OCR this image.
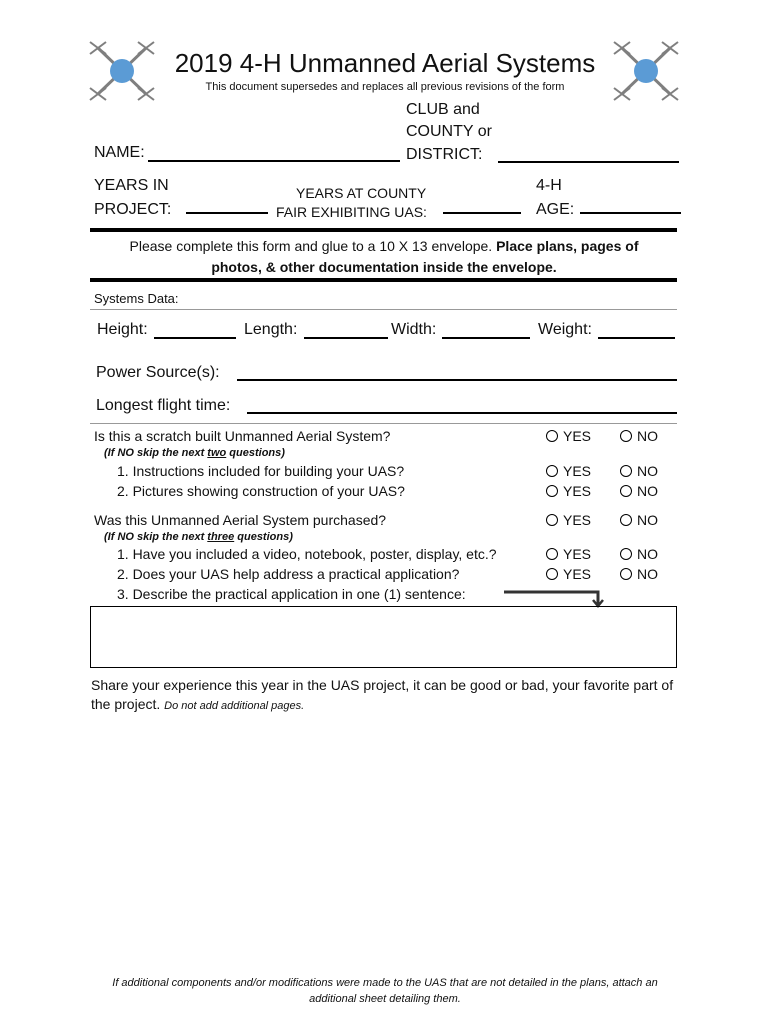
2019 4-H Unmanned Aerial Systems
This document supersedes and replaces all previous revisions of the form
NAME:
CLUB and
COUNTY or
DISTRICT:
YEARS IN
PROJECT:
YEARS AT COUNTY
FAIR EXHIBITING UAS:
4-H
AGE:
Please complete this form and glue to a 10 X 13 envelope. Place plans, pages of
photos, & other documentation inside the envelope.
Systems Data:
Height:	Length:	Width:	Weight:
Power Source(s):
Longest flight time:
Is this a scratch built Unmanned Aerial System?	YES	NO
(If NO skip the next two questions)
1. Instructions included for building your UAS?	YES	NO
2. Pictures showing construction of your UAS?	YES	NO
Was this Unmanned Aerial System purchased?	YES	NO
(If NO skip the next three questions)
1. Have you included a video, notebook, poster, display, etc.?	YES	NO
2. Does your UAS help address a practical application?	YES	NO
3. Describe the practical application in one (1) sentence:
Share your experience this year in the UAS project, it can be good or bad, your favorite part of the project. Do not add additional pages.
If additional components and/or modifications were made to the UAS that are not detailed in the plans, attach an
additional sheet detailing them.
